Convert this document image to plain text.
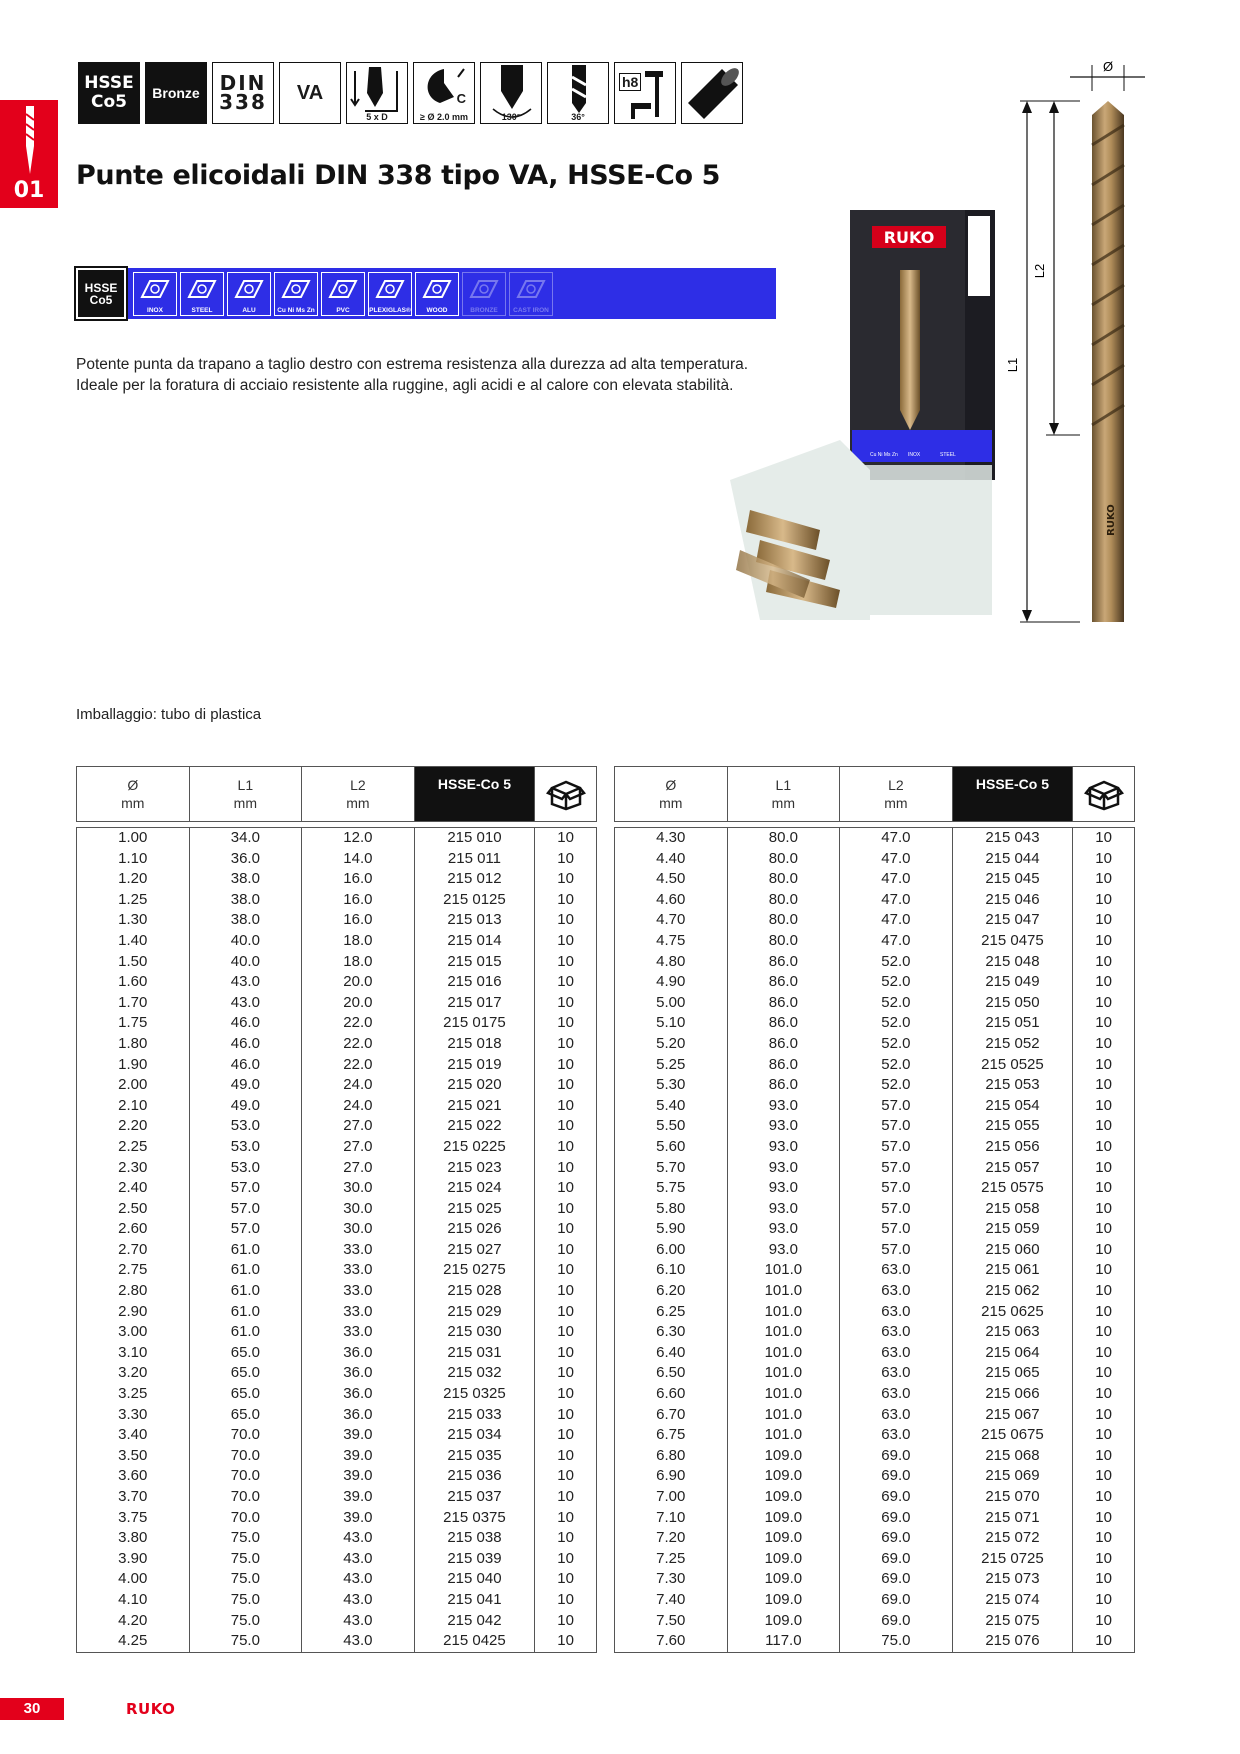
01
HSSE
Co5 Bronze DIN
338	VA
5 x D
C
≥ Ø 2.0 mm	130°	36°
h8
Punte elicoidali DIN 338 tipo VA, HSSE-Co 5
HSSE
Co5
INOX	STEEL	ALU	Cu Ni Ms Zn	PVC	PLEXIGLAS®	WOOD	BRONZE	CAST IRON
Potente punta da trapano a taglio destro con estrema resistenza alla durezza ad alta temperatura.
Ideale per la foratura di acciaio resistente alla ruggine, agli acidi e al calore con elevata stabilità.
RUKO
Cu Ni Ms Zn INOX	STEEL
Ø
L1
L2
RUKO
Imballaggio: tubo di plastica
Ø
mm
L1
mm
L2
mm
HSSE-Co 5
1.00	34.0	12.0	215 010	10
1.10	36.0	14.0	215 011	10
1.20	38.0	16.0	215 012	10
1.25	38.0	16.0	215 0125	10
1.30	38.0	16.0	215 013	10
1.40	40.0	18.0	215 014	10
1.50	40.0	18.0	215 015	10
1.60	43.0	20.0	215 016	10
1.70	43.0	20.0	215 017	10
1.75	46.0	22.0	215 0175	10
1.80	46.0	22.0	215 018	10
1.90	46.0	22.0	215 019	10
2.00	49.0	24.0	215 020	10
2.10	49.0	24.0	215 021	10
2.20	53.0	27.0	215 022	10
2.25	53.0	27.0	215 0225	10
2.30	53.0	27.0	215 023	10
2.40	57.0	30.0	215 024	10
2.50	57.0	30.0	215 025	10
2.60	57.0	30.0	215 026	10
2.70	61.0	33.0	215 027	10
2.75	61.0	33.0	215 0275	10
2.80	61.0	33.0	215 028	10
2.90	61.0	33.0	215 029	10
3.00	61.0	33.0	215 030	10
3.10	65.0	36.0	215 031	10
3.20	65.0	36.0	215 032	10
3.25	65.0	36.0	215 0325	10
3.30	65.0	36.0	215 033	10
3.40	70.0	39.0	215 034	10
3.50	70.0	39.0	215 035	10
3.60	70.0	39.0	215 036	10
3.70	70.0	39.0	215 037	10
3.75	70.0	39.0	215 0375	10
3.80	75.0	43.0	215 038	10
3.90	75.0	43.0	215 039	10
4.00	75.0	43.0	215 040	10
4.10	75.0	43.0	215 041	10
4.20	75.0	43.0	215 042	10
4.25	75.0	43.0	215 0425	10
Ø
mm
L1
mm
L2
mm
HSSE-Co 5
4.30	80.0	47.0	215 043	10
4.40	80.0	47.0	215 044	10
4.50	80.0	47.0	215 045	10
4.60	80.0	47.0	215 046	10
4.70	80.0	47.0	215 047	10
4.75	80.0	47.0	215 0475	10
4.80	86.0	52.0	215 048	10
4.90	86.0	52.0	215 049	10
5.00	86.0	52.0	215 050	10
5.10	86.0	52.0	215 051	10
5.20	86.0	52.0	215 052	10
5.25	86.0	52.0	215 0525	10
5.30	86.0	52.0	215 053	10
5.40	93.0	57.0	215 054	10
5.50	93.0	57.0	215 055	10
5.60	93.0	57.0	215 056	10
5.70	93.0	57.0	215 057	10
5.75	93.0	57.0	215 0575	10
5.80	93.0	57.0	215 058	10
5.90	93.0	57.0	215 059	10
6.00	93.0	57.0	215 060	10
6.10	101.0	63.0	215 061	10
6.20	101.0	63.0	215 062	10
6.25	101.0	63.0	215 0625	10
6.30	101.0	63.0	215 063	10
6.40	101.0	63.0	215 064	10
6.50	101.0	63.0	215 065	10
6.60	101.0	63.0	215 066	10
6.70	101.0	63.0	215 067	10
6.75	101.0	63.0	215 0675	10
6.80	109.0	69.0	215 068	10
6.90	109.0	69.0	215 069	10
7.00	109.0	69.0	215 070	10
7.10	109.0	69.0	215 071	10
7.20	109.0	69.0	215 072	10
7.25	109.0	69.0	215 0725	10
7.30	109.0	69.0	215 073	10
7.40	109.0	69.0	215 074	10
7.50	109.0	69.0	215 075	10
7.60	117.0	75.0	215 076	10
30	RUKO
